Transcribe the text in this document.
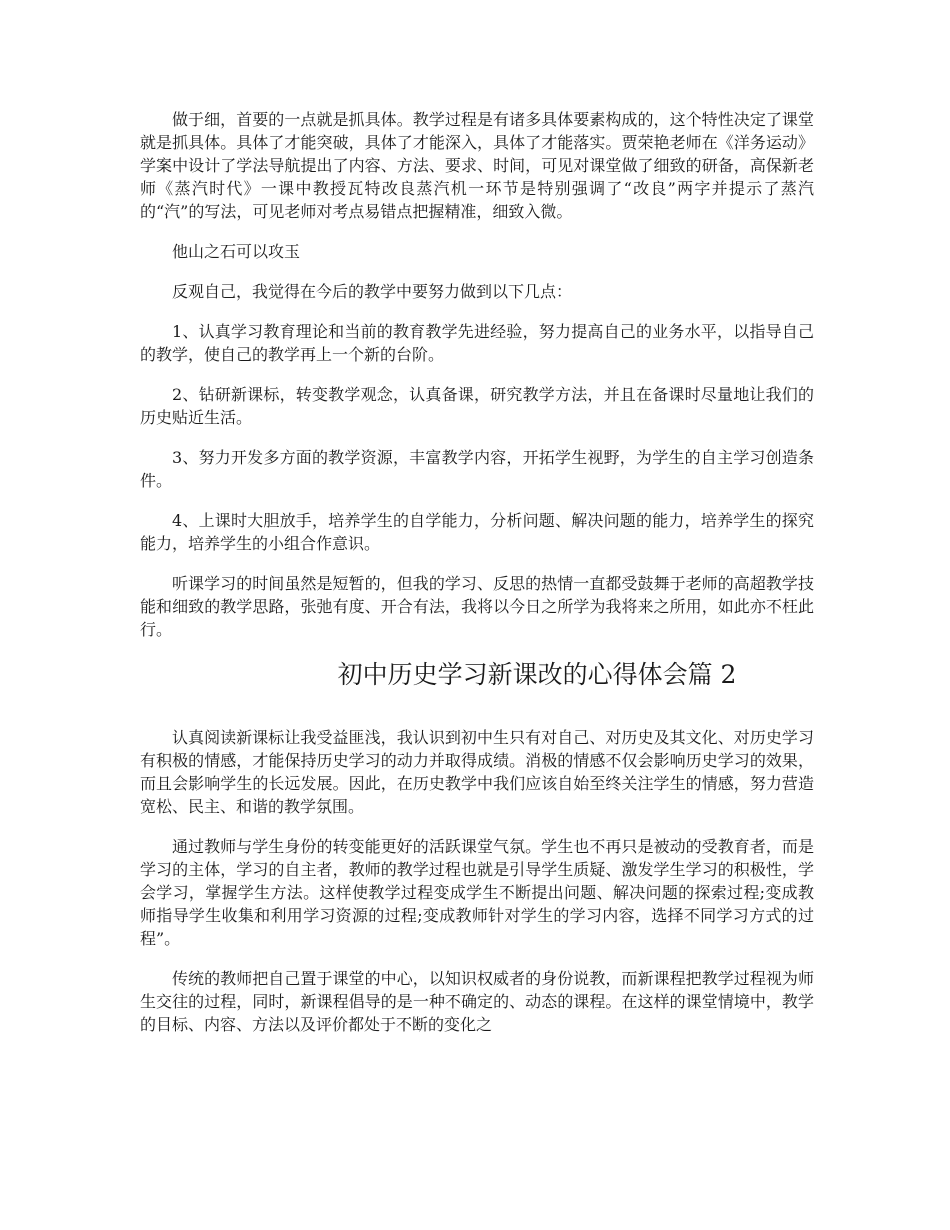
做于细，首要的一点就是抓具体。教学过程是有诸多具体要素构成的，这个特性决定了课堂就是抓具体。具体了才能突破，具体了才能深入，具体了才能落实。贾荣艳老师在《洋务运动》学案中设计了学法导航提出了内容、方法、要求、时间，可见对课堂做了细致的研备，高保新老师《蒸汽时代》一课中教授瓦特改良蒸汽机一环节是特别强调了“改良”两字并提示了蒸汽的“汽”的写法，可见老师对考点易错点把握精准，细致入微。

他山之石可以攻玉

反观自己，我觉得在今后的教学中要努力做到以下几点：

1、认真学习教育理论和当前的教育教学先进经验，努力提高自己的业务水平，以指导自己的教学，使自己的教学再上一个新的台阶。

2、钻研新课标，转变教学观念，认真备课，研究教学方法，并且在备课时尽量地让我们的历史贴近生活。

3、努力开发多方面的教学资源，丰富教学内容，开拓学生视野，为学生的自主学习创造条件。

4、上课时大胆放手，培养学生的自学能力，分析问题、解决问题的能力，培养学生的探究能力，培养学生的小组合作意识。

听课学习的时间虽然是短暂的，但我的学习、反思的热情一直都受鼓舞于老师的高超教学技能和细致的教学思路，张弛有度、开合有法，我将以今日之所学为我将来之所用，如此亦不枉此行。

初中历史学习新课改的心得体会篇 2

认真阅读新课标让我受益匪浅，我认识到初中生只有对自己、对历史及其文化、对历史学习有积极的情感，才能保持历史学习的动力并取得成绩。消极的情感不仅会影响历史学习的效果，而且会影响学生的长远发展。因此，在历史教学中我们应该自始至终关注学生的情感，努力营造宽松、民主、和谐的教学氛围。

通过教师与学生身份的转变能更好的活跃课堂气氛。学生也不再只是被动的受教育者，而是学习的主体，学习的自主者，教师的教学过程也就是引导学生质疑、激发学生学习的积极性，学会学习，掌握学生方法。这样使教学过程变成学生不断提出问题、解决问题的探索过程;变成教师指导学生收集和利用学习资源的过程;变成教师针对学生的学习内容，选择不同学习方式的过程”。

传统的教师把自己置于课堂的中心，以知识权威者的身份说教，而新课程把教学过程视为师生交往的过程，同时，新课程倡导的是一种不确定的、动态的课程。在这样的课堂情境中，教学的目标、内容、方法以及评价都处于不断的变化之
